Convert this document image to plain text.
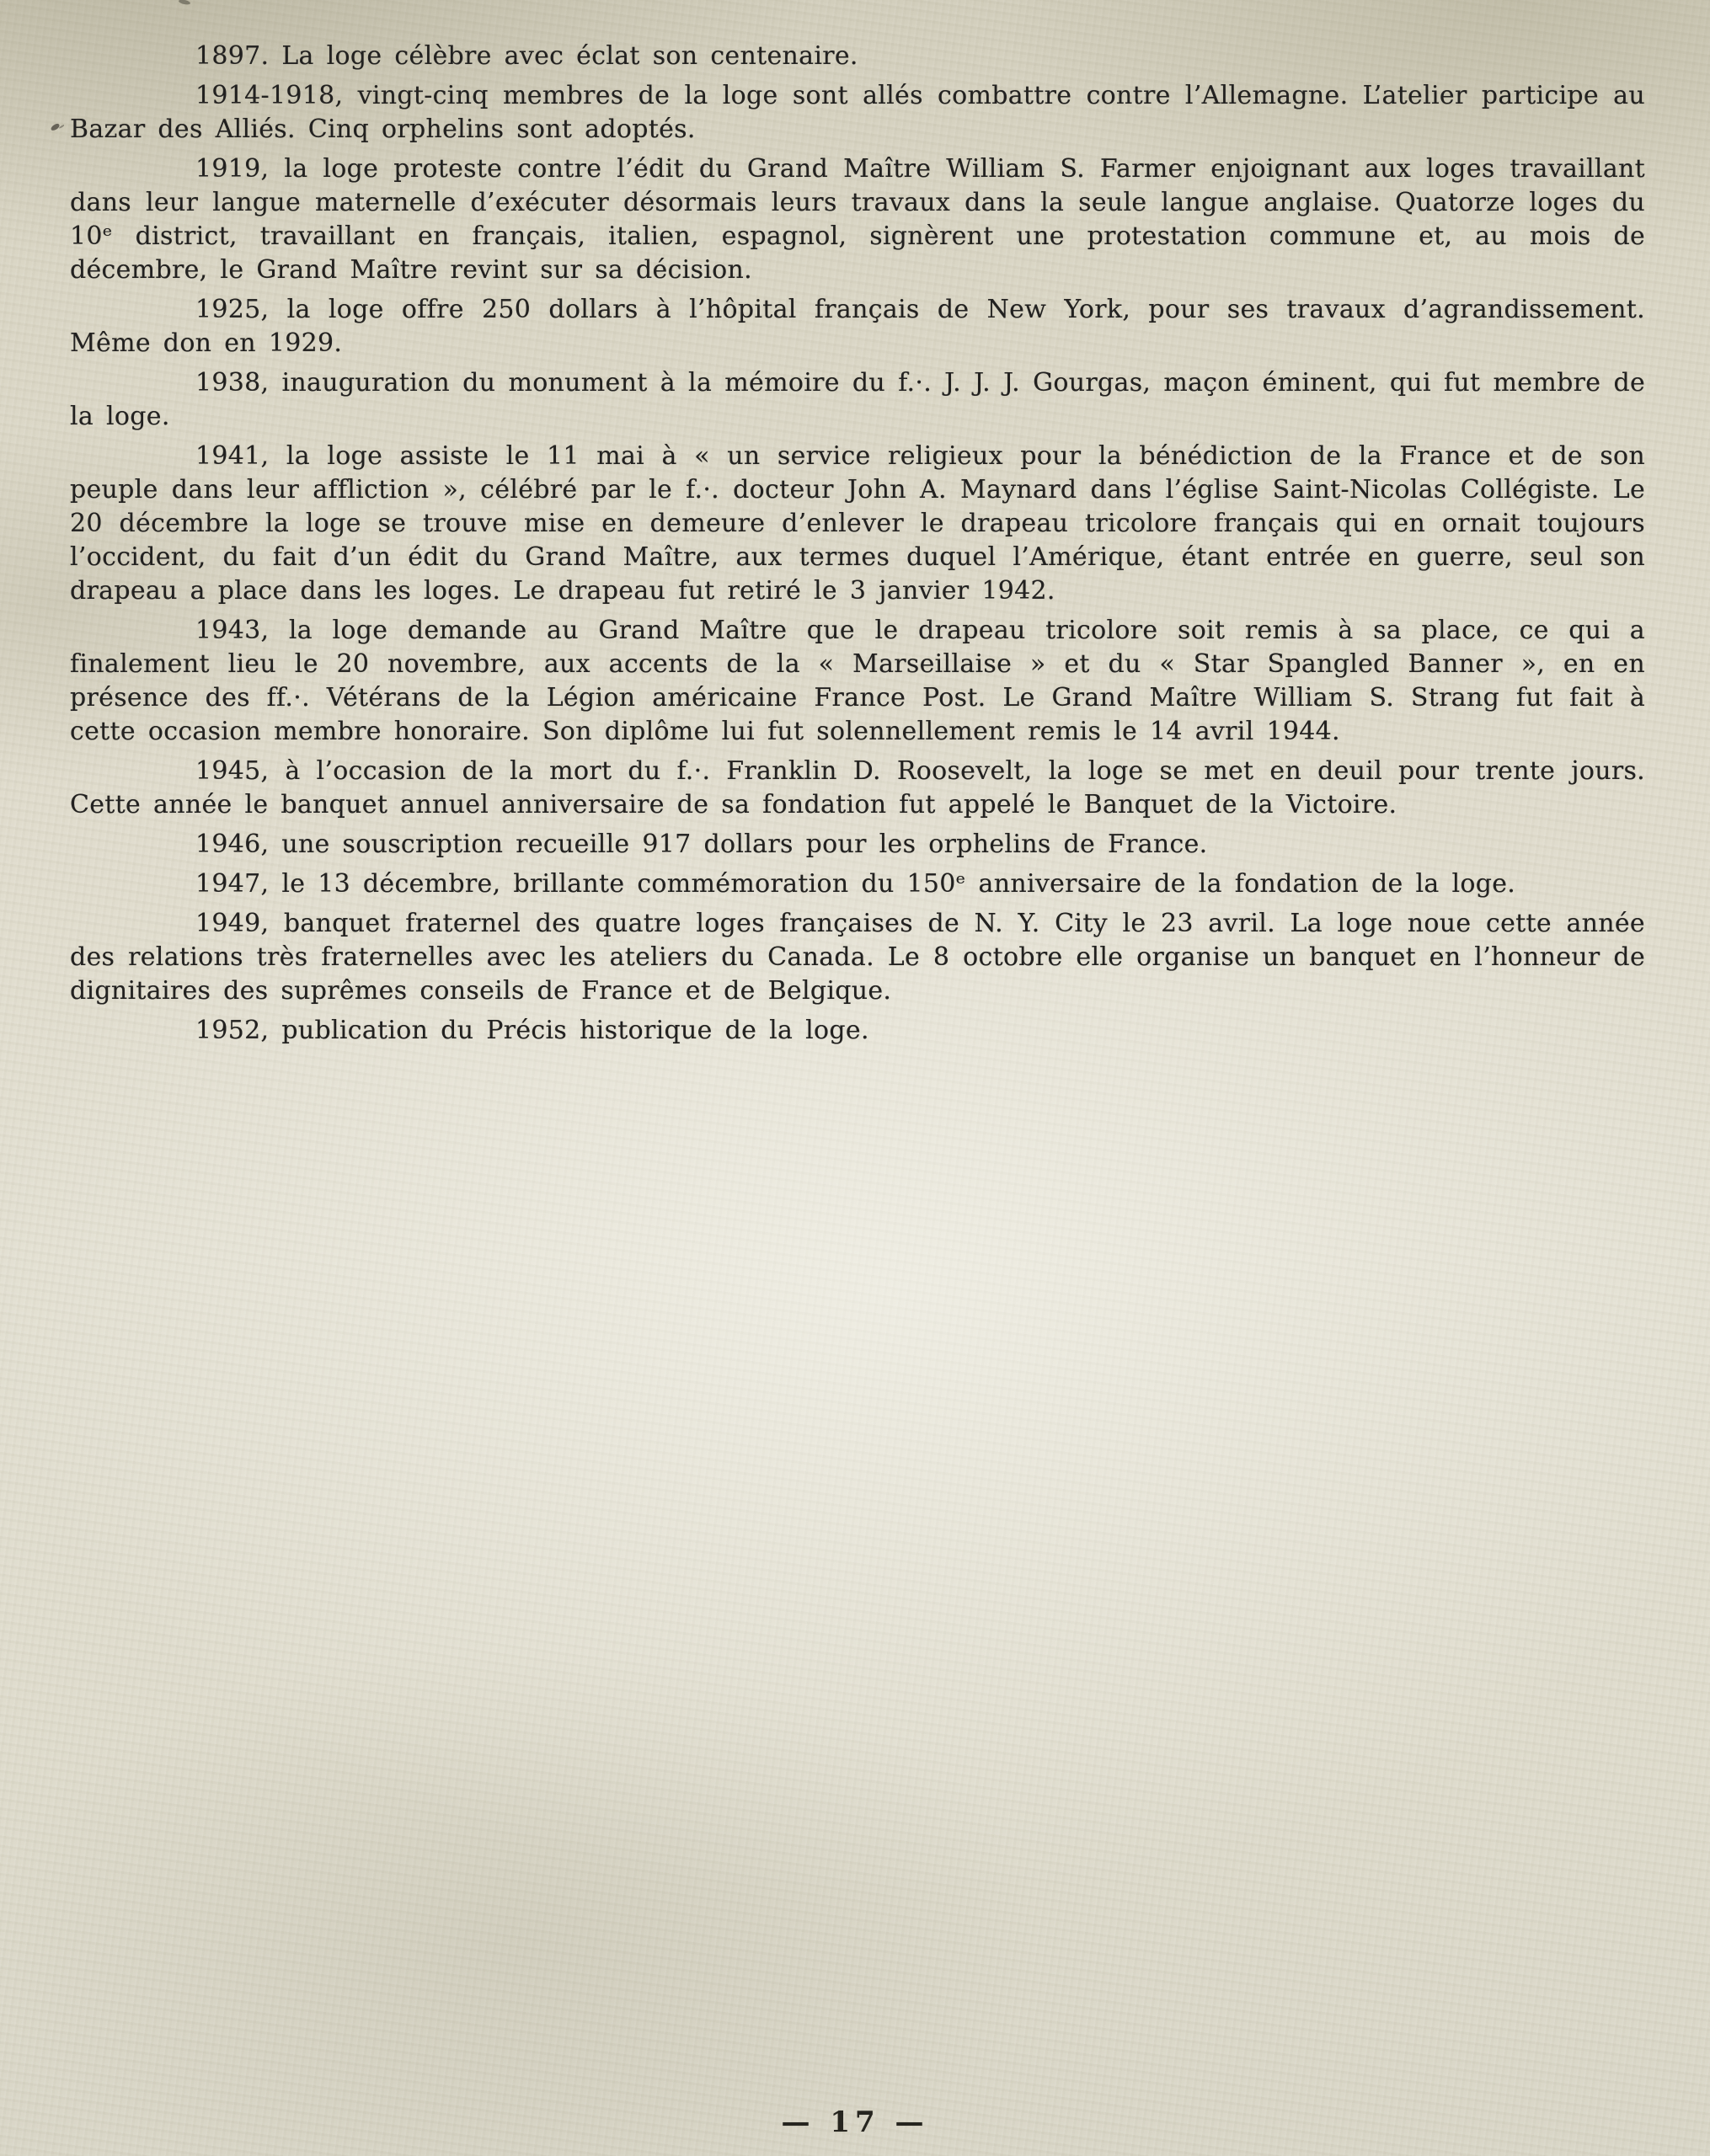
1897. La loge célèbre avec éclat son centenaire.

1914-1918, vingt-cinq membres de la loge sont allés combattre contre l’Allemagne. L’atelier participe au Bazar des Alliés. Cinq orphelins sont adoptés.

1919, la loge proteste contre l’édit du Grand Maître William S. Farmer enjoignant aux loges travaillant dans leur langue maternelle d’exécuter désormais leurs travaux dans la seule langue anglaise. Quatorze loges du 10ᵉ district, travaillant en français, italien, espagnol, signèrent une protestation commune et, au mois de décembre, le Grand Maître revint sur sa décision.

1925, la loge offre 250 dollars à l’hôpital français de New York, pour ses travaux d’agrandissement. Même don en 1929.

1938, inauguration du monument à la mémoire du f.·. J. J. J. Gourgas, maçon éminent, qui fut membre de la loge.

1941, la loge assiste le 11 mai à « un service religieux pour la bénédiction de la France et de son peuple dans leur affliction », célébré par le f.·. docteur John A. Maynard dans l’église Saint-Nicolas Collégiste. Le 20 décembre la loge se trouve mise en demeure d’enlever le drapeau tricolore français qui en ornait toujours l’occident, du fait d’un édit du Grand Maître, aux termes duquel l’Amérique, étant entrée en guerre, seul son drapeau a place dans les loges. Le drapeau fut retiré le 3 janvier 1942.

1943, la loge demande au Grand Maître que le drapeau tricolore soit remis à sa place, ce qui a finalement lieu le 20 novembre, aux accents de la « Marseillaise » et du « Star Spangled Banner », en en présence des ff.·. Vétérans de la Légion américaine France Post. Le Grand Maître William S. Strang fut fait à cette occasion membre honoraire. Son diplôme lui fut solennellement remis le 14 avril 1944.

1945, à l’occasion de la mort du f.·. Franklin D. Roosevelt, la loge se met en deuil pour trente jours. Cette année le banquet annuel anniversaire de sa fondation fut appelé le Banquet de la Victoire.

1946, une souscription recueille 917 dollars pour les orphelins de France.

1947, le 13 décembre, brillante commémoration du 150ᵉ anniversaire de la fondation de la loge.

1949, banquet fraternel des quatre loges françaises de N. Y. City le 23 avril. La loge noue cette année des relations très fraternelles avec les ateliers du Canada. Le 8 octobre elle organise un banquet en l’honneur de dignitaires des suprêmes conseils de France et de Belgique.

1952, publication du Précis historique de la loge.

— 17 —
